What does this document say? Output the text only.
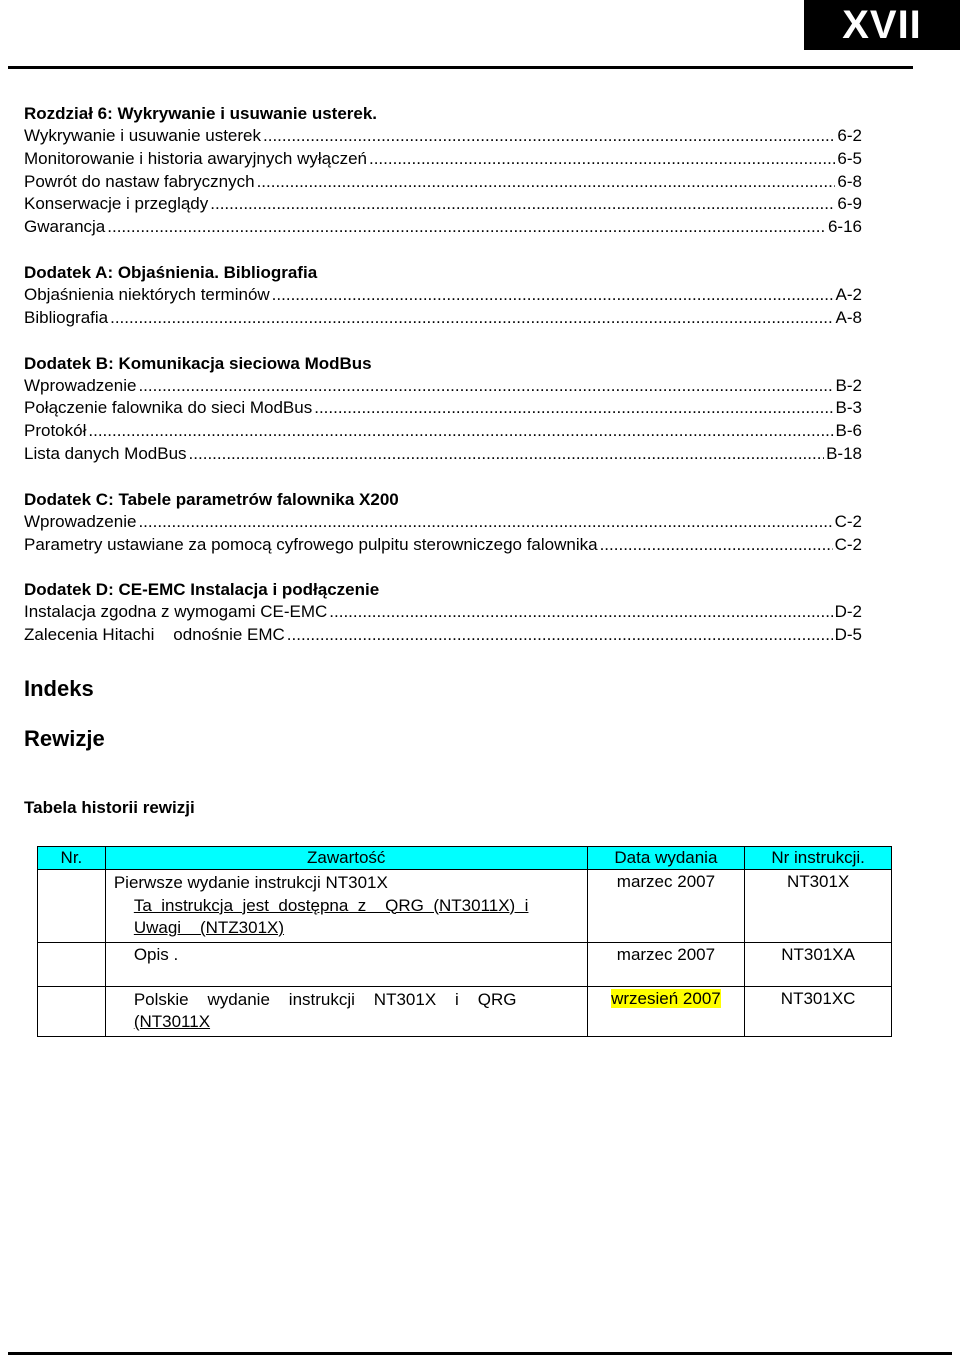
XVII
Rozdział 6: Wykrywanie i usuwanie usterek.
Wykrywanie i usuwanie usterek .....	6-2
Monitorowanie i historia awaryjnych wyłączeń .....	6-5
Powrót do nastaw fabrycznych .....	6-8
Konserwacje i przeglądy .....	6-9
Gwarancja .....	6-16
Dodatek A: Objaśnienia. Bibliografia
Objaśnienia niektórych terminów .....	A-2
Bibliografia .....	A-8
Dodatek B: Komunikacja sieciowa ModBus
Wprowadzenie .....	B-2
Połączenie falownika do sieci ModBus .....	B-3
Protokół .....	B-6
Lista danych ModBus .....	B-18
Dodatek C: Tabele parametrów falownika X200
Wprowadzenie .....	C-2
Parametry ustawiane za pomocą cyfrowego pulpitu sterowniczego falownika .....	C-2
Dodatek D: CE-EMC Instalacja i podłączenie
Instalacja zgodna z wymogami CE-EMC .....	D-2
Zalecenia Hitachi    odnośnie EMC .....	D-5
Indeks
Rewizje
Tabela historii rewizji
Nr.	Zawartość	Data wydania	Nr instrukcji.

	Pierwsze wydanie instrukcji NT301X
Ta  instrukcja  jest  dostępna  z    QRG  (NT3011X)  i
Uwagi    (NTZ301X)	marzec 2007	NT301X

	Opis .	marzec 2007	NT301XA

	Polskie    wydanie    instrukcji    NT301X    i    QRG
(NT3011X	wrzesień 2007	NT301XC
